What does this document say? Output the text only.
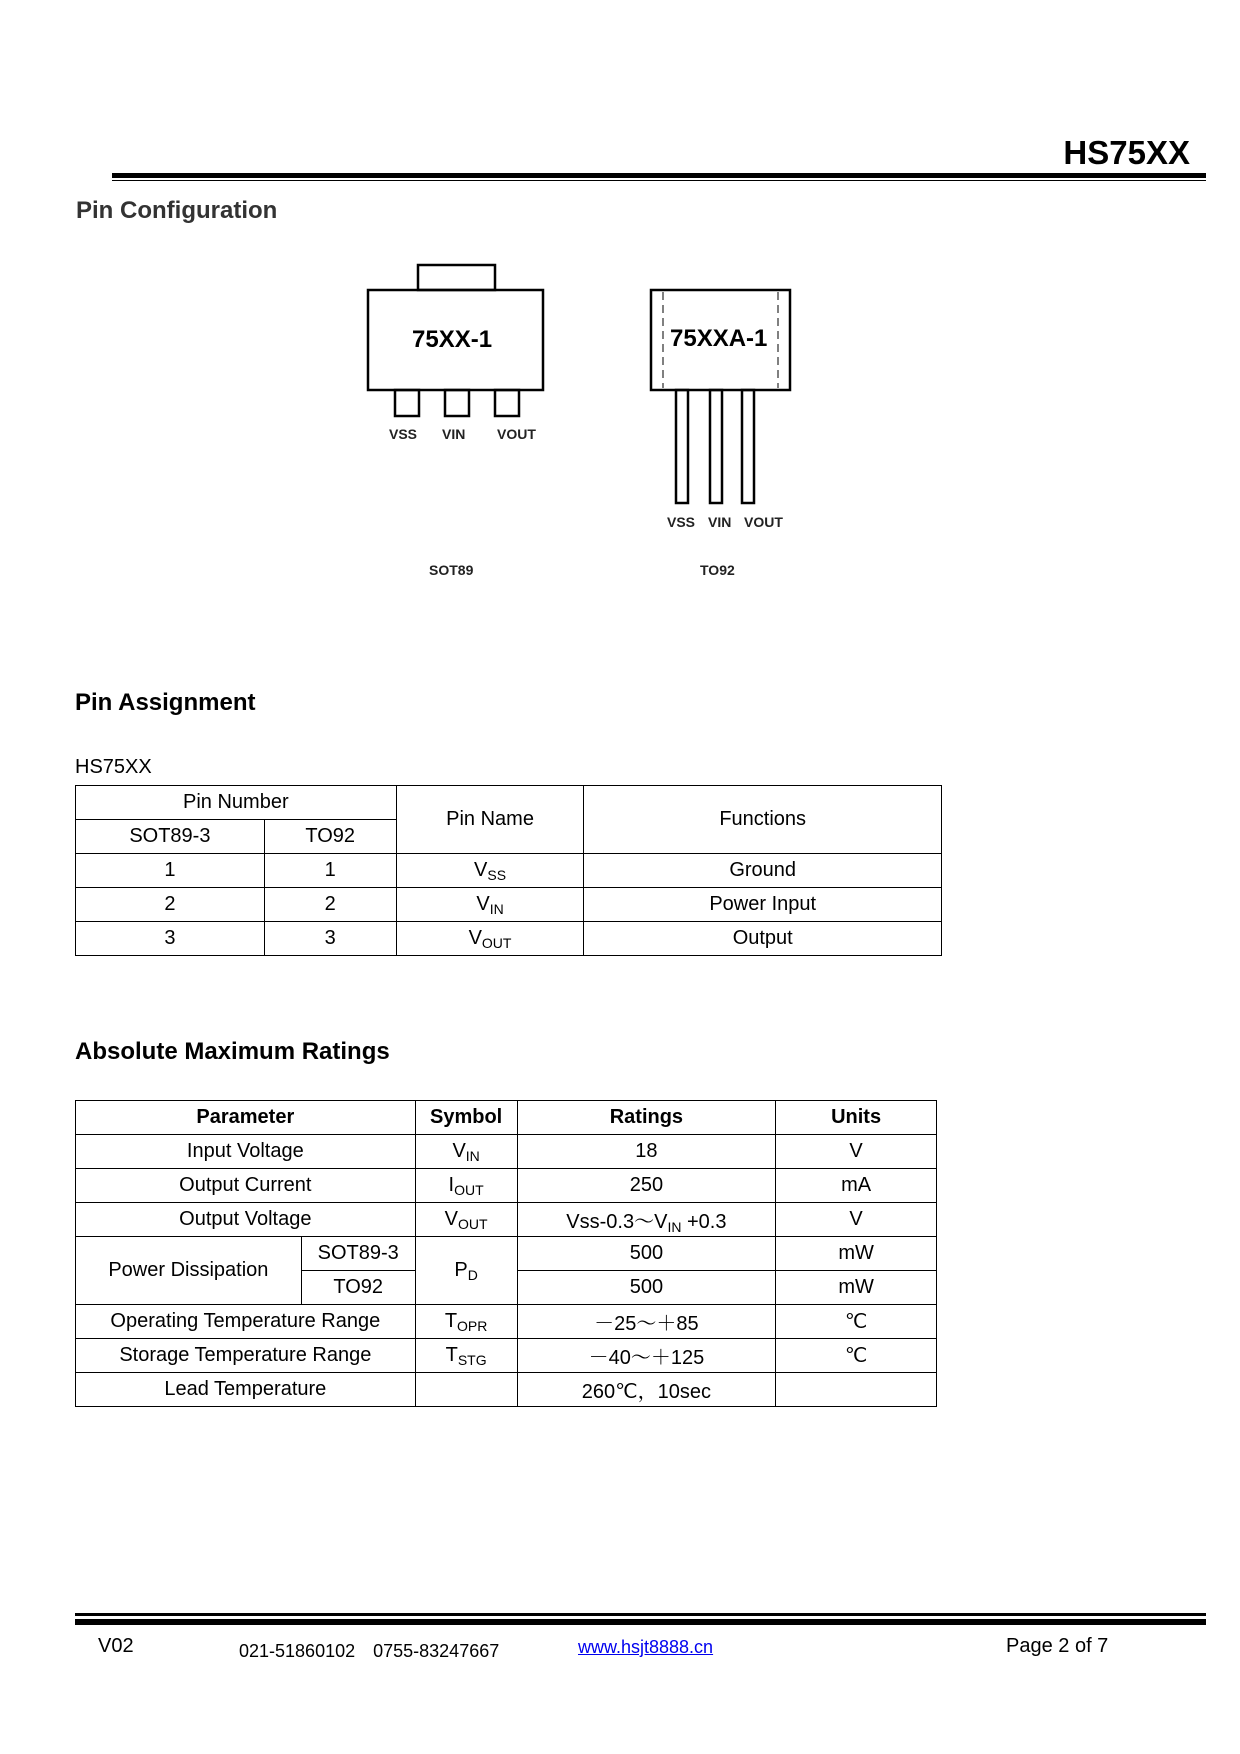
HS75XX
Pin Configuration
75XX-1
VSS VIN VOUT
SOT89
75XXA-1
VSS VIN VOUT
TO92
Pin Assignment
HS75XX
Pin Number		Pin Name	Functions
SOT89-3	TO92		
1	1	$V_{SS}$	Ground
2	2	$V_{IN}$	Power Input
3	3	$V_{OUT}$	Output
Absolute Maximum Ratings
Parameter		Symbol	Ratings	Units
Input Voltage		$V_{IN}$	18	V
Output Current		$I_{OUT}$	250	mA
Output Voltage		$V_{OUT}$	Vss-$0.3\sim V_{IN} +0.3$	V
Power Dissipation	SOT89-3	$P_D$	500	mW
	TO92		500	mW
Operating Temperature Range		$T_{OPR}$	－25～＋85	℃
Storage Temperature Range		$T_{STG}$	－40～＋125	℃
Lead Temperature			260℃，10sec	
V02	021-51860102　0755-83247667	www.hsjt8888.cn	Page 2 of 7
